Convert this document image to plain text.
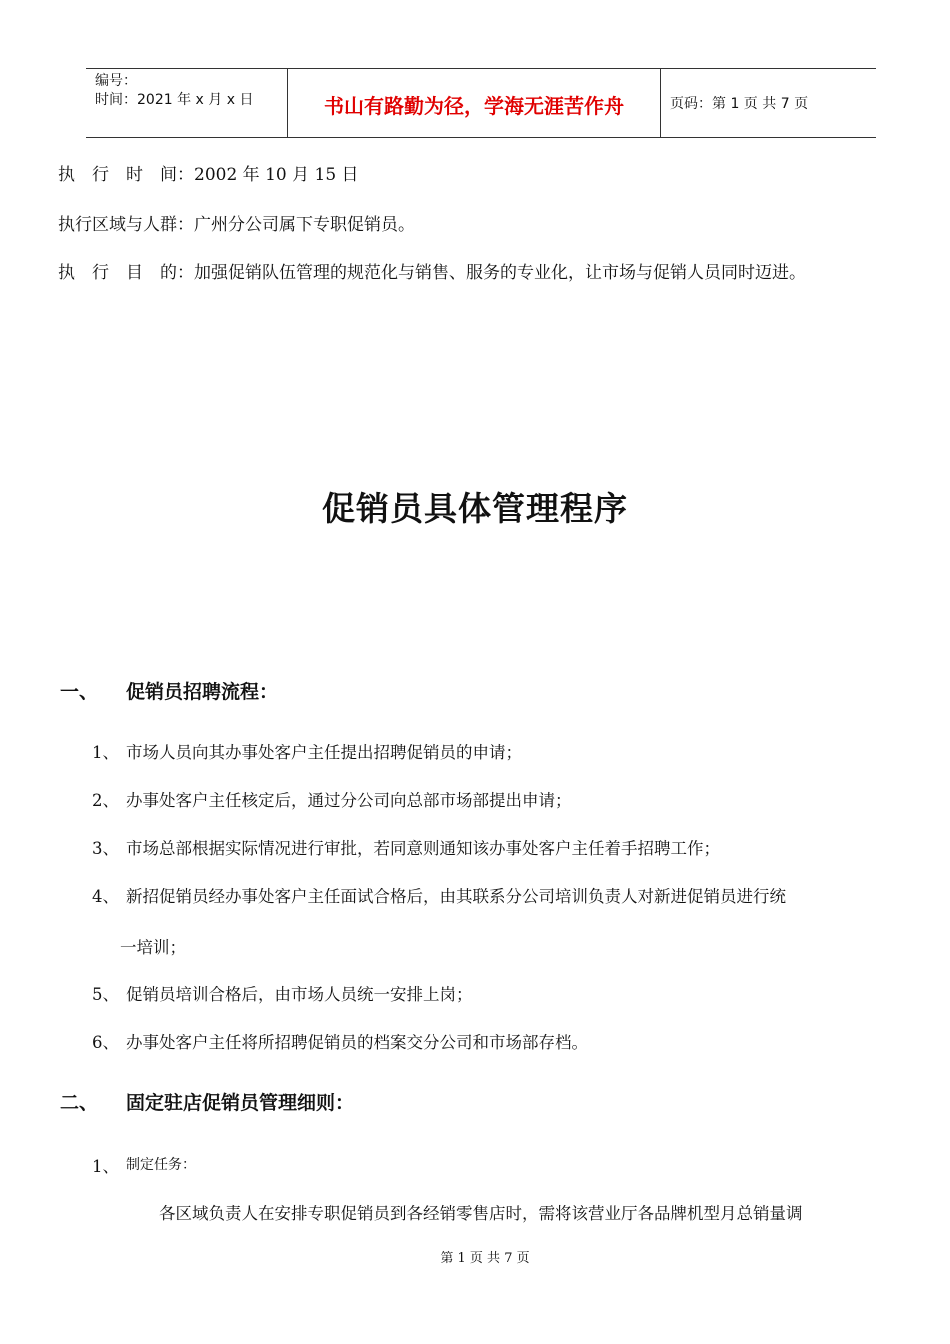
编号：
时间：2021 年 x 月 x 日	书山有路勤为径，学海无涯苦作舟	页码：第 1 页 共 7 页
执　行　时　间：2002 年 10 月 15 日
执行区域与人群：广州分公司属下专职促销员。
执　行　目　的：加强促销队伍管理的规范化与销售、服务的专业化，让市场与促销人员同时迈进。
促销员具体管理程序
一、 促销员招聘流程：
1、 市场人员向其办事处客户主任提出招聘促销员的申请；
2、 办事处客户主任核定后，通过分公司向总部市场部提出申请；
3、 市场总部根据实际情况进行审批，若同意则通知该办事处客户主任着手招聘工作；
4、 新招促销员经办事处客户主任面试合格后，由其联系分公司培训负责人对新进促销员进行统
一培训；
5、 促销员培训合格后，由市场人员统一安排上岗；
6、 办事处客户主任将所招聘促销员的档案交分公司和市场部存档。
二、 固定驻店促销员管理细则：
1、 制定任务：
各区域负责人在安排专职促销员到各经销零售店时，需将该营业厅各品牌机型月总销量调
第 1 页 共 7 页
